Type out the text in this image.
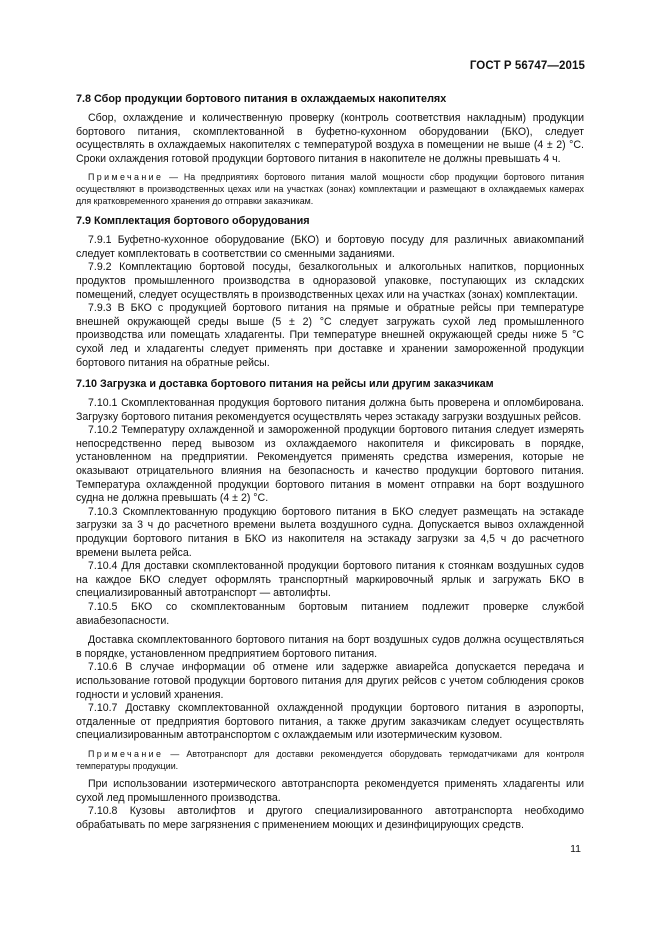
ГОСТ Р 56747—2015
7.8 Сбор продукции бортового питания в охлаждаемых накопителях

Сбор, охлаждение и количественную проверку (контроль соответствия накладным) продукции бортового питания, скомплектованной в буфетно-кухонном оборудовании (БКО), следует осуществлять в охлаждаемых накопителях с температурой воздуха в помещении не выше (4 ± 2) °С. Сроки охлаждения готовой продукции бортового питания в накопителе не должны превышать 4 ч.

Примечание — На предприятиях бортового питания малой мощности сбор продукции бортового питания осуществляют в производственных цехах или на участках (зонах) комплектации и размещают в охлаждаемых камерах для кратковременного хранения до отправки заказчикам.
7.9 Комплектация бортового оборудования

7.9.1 Буфетно-кухонное оборудование (БКО) и бортовую посуду для различных авиакомпаний следует комплектовать в соответствии со сменными заданиями.

7.9.2 Комплектацию бортовой посуды, безалкогольных и алкогольных напитков, порционных продуктов промышленного производства в одноразовой упаковке, поступающих из складских помещений, следует осуществлять в производственных цехах или на участках (зонах) комплектации.

7.9.3 В БКО с продукцией бортового питания на прямые и обратные рейсы при температуре внешней окружающей среды выше (5 ± 2) °С следует загружать сухой лед промышленного производства или помещать хладагенты. При температуре внешней окружающей среды ниже 5 °С сухой лед и хладагенты следует применять при доставке и хранении замороженной продукции бортового питания на обратные рейсы.

7.10 Загрузка и доставка бортового питания на рейсы или другим заказчикам

7.10.1 Скомплектованная продукция бортового питания должна быть проверена и опломбирована. Загрузку бортового питания рекомендуется осуществлять через эстакаду загрузки воздушных рейсов.

7.10.2 Температуру охлажденной и замороженной продукции бортового питания следует измерять непосредственно перед вывозом из охлаждаемого накопителя и фиксировать в порядке, установленном на предприятии. Рекомендуется применять средства измерения, которые не оказывают отрицательного влияния на безопасность и качество продукции бортового питания. Температура охлажденной продукции бортового питания в момент отправки на борт воздушного судна не должна превышать (4 ± 2) °С.

7.10.3 Скомплектованную продукцию бортового питания в БКО следует размещать на эстакаде загрузки за 3 ч до расчетного времени вылета воздушного судна. Допускается вывоз охлажденной продукции бортового питания в БКО из накопителя на эстакаду загрузки за 4,5 ч до расчетного времени вылета рейса.

7.10.4 Для доставки скомплектованной продукции бортового питания к стоянкам воздушных судов на каждое БКО следует оформлять транспортный маркировочный ярлык и загружать БКО в специализированный автотранспорт — автолифты.

7.10.5 БКО со скомплектованным бортовым питанием подлежит проверке службой авиабезопасности.

Доставка скомплектованного бортового питания на борт воздушных судов должна осуществляться в порядке, установленном предприятием бортового питания.

7.10.6 В случае информации об отмене или задержке авиарейса допускается передача и использование готовой продукции бортового питания для других рейсов с учетом соблюдения сроков годности и условий хранения.

7.10.7 Доставку скомплектованной охлажденной продукции бортового питания в аэропорты, отдаленные от предприятия бортового питания, а также другим заказчикам следует осуществлять специализированным автотранспортом с охлаждаемым или изотермическим кузовом.

Примечание — Автотранспорт для доставки рекомендуется оборудовать термодатчиками для контроля температуры продукции.

При использовании изотермического автотранспорта рекомендуется применять хладагенты или сухой лед промышленного производства.

7.10.8 Кузовы автолифтов и другого специализированного автотранспорта необходимо обрабатывать по мере загрязнения с применением моющих и дезинфицирующих средств.

11
